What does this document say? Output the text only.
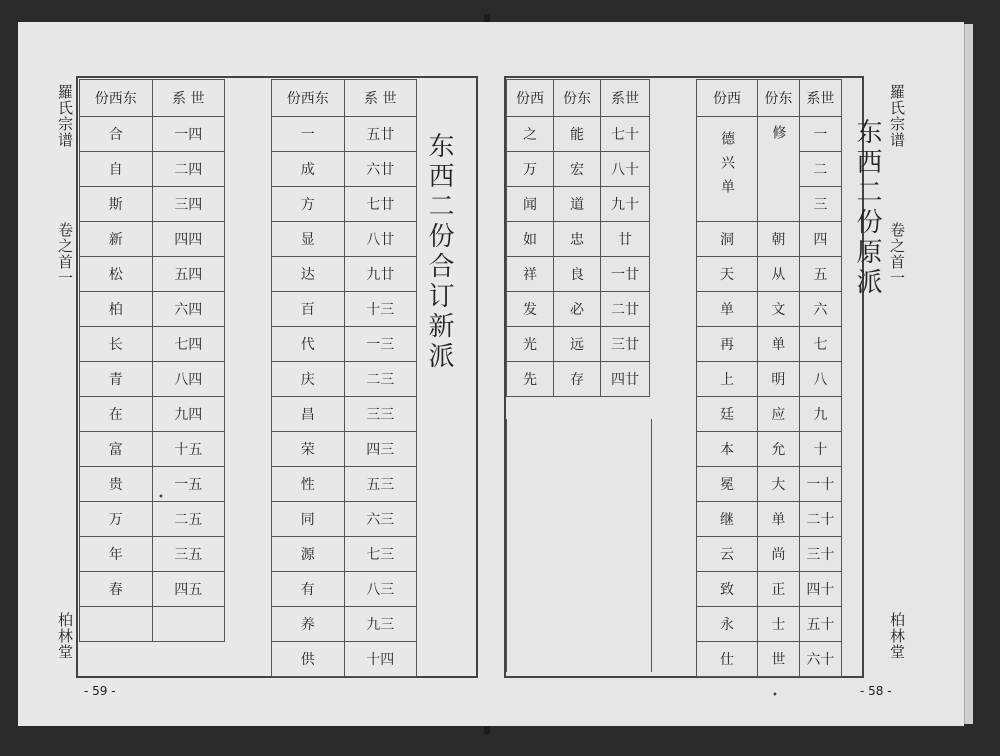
羅氏宗谱
卷之首一
柏林堂
- 59 -
份西东	系 世
合	一四
自	二四
斯	三四
新	四四
松	五四
柏	六四
长	七四
青	八四
在	九四
富	十五
贵	一五
万	二五
年	三五
春	四五

份西东	系 世
一	五廿
成	六廿
方	七廿
显	八廿
达	九廿
百	十三
代	一三
庆	二三
昌	三三
荣	四三
性	五三
同	六三
源	七三
有	八三
养	九三
供	十四
东西二份合订新派
•
份西	份东	系世
之	能	七十
万	宏	八十
闻	道	九十
如	忠	廿
祥	良	一廿
发	必	二廿
光	远	三廿
先	存	四廿
份西	份东	系世
德兴单	修	一
		二
		三
洞	朝	四
天	从	五
单	文	六
再	单	七
上	明	八
廷	应	九
本	允	十
冕	大	一十
继	单	二十
云	尚	三十
致	正	四十
永	士	五十
仕	世	六十
东西二份原派
羅氏宗谱
卷之首一
柏林堂
- 58 -
•
